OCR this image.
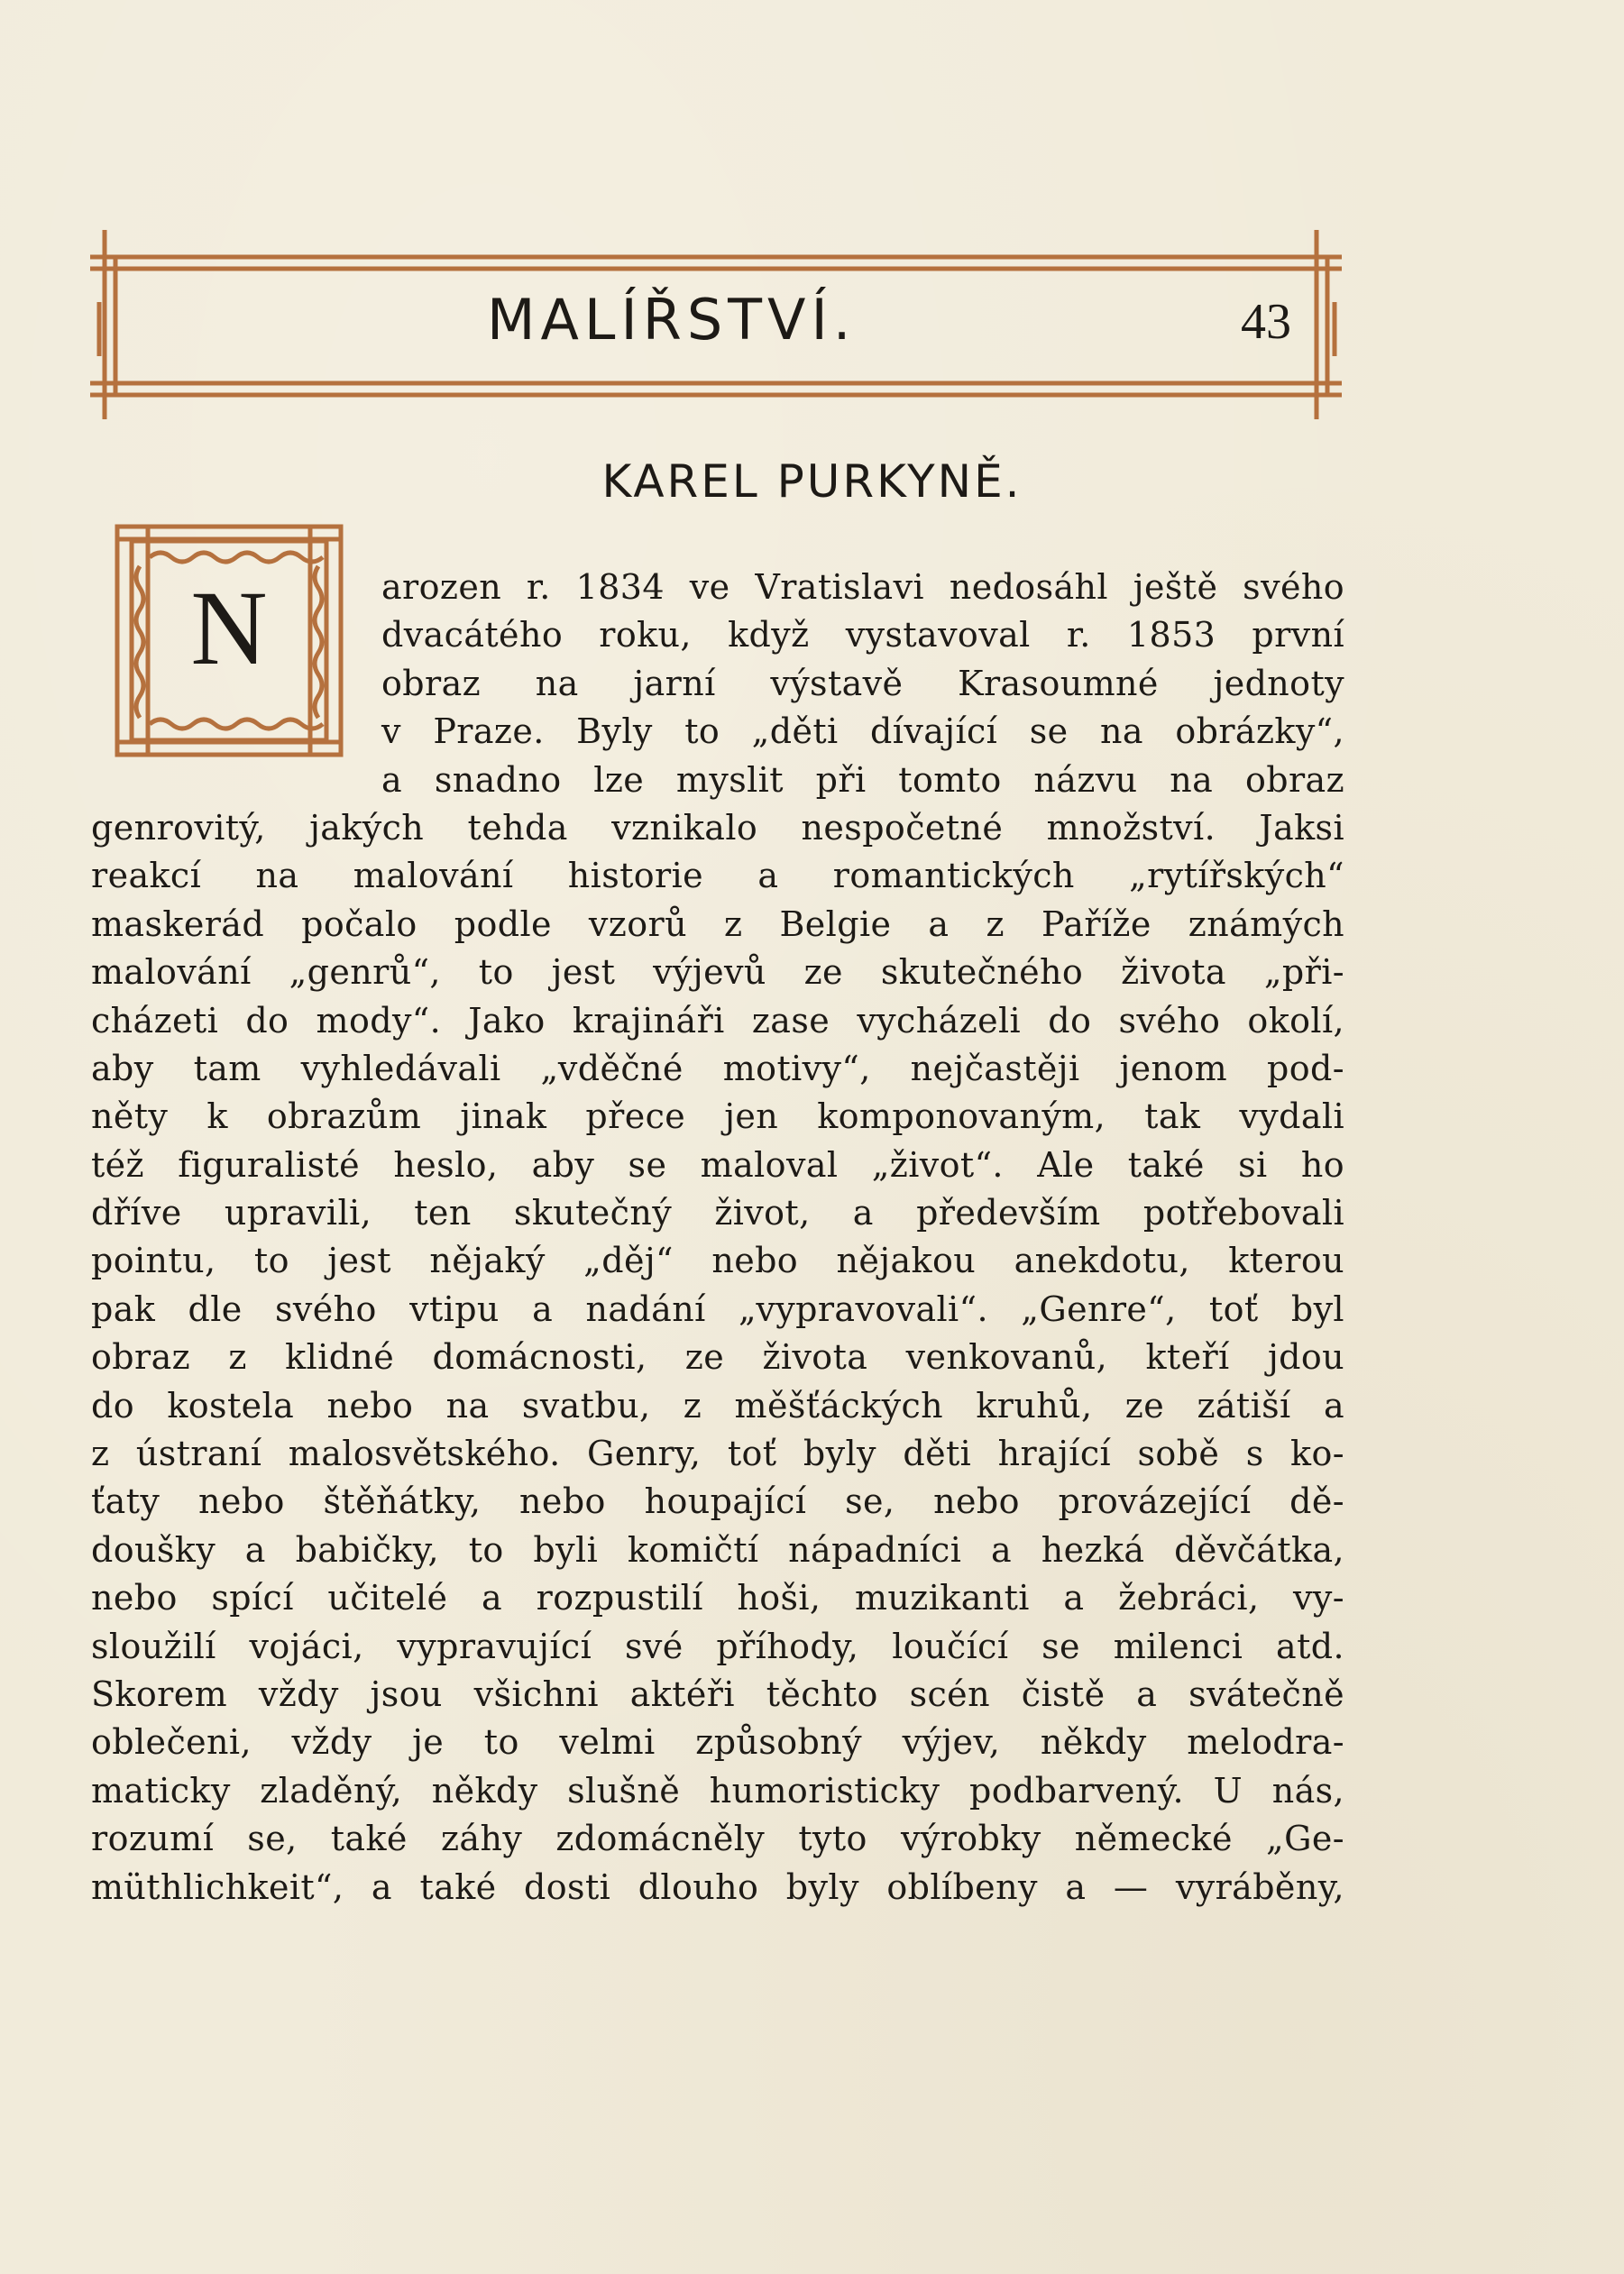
MALÍŘSTVÍ.	43
KAREL PURKYNĚ.
N	arozen r. 1834 ve Vratislavi nedosáhl ještě svého
dvacátého roku, když vystavoval r. 1853 první
obraz na jarní výstavě Krasoumné jednoty
v Praze. Byly to „děti dívající se na obrázky“,
a snadno lze myslit při tomto názvu na obraz
genrovitý, jakých tehda vznikalo nespočetné množství. Jaksi
reakcí na malování historie a romantických „rytířských“
maskerád počalo podle vzorů z Belgie a z Paříže známých
malování „genrů“, to jest výjevů ze skutečného života „při-
cházeti do mody“. Jako krajináři zase vycházeli do svého okolí,
aby tam vyhledávali „vděčné motivy“, nejčastěji jenom pod-
něty k obrazům jinak přece jen komponovaným, tak vydali
též figuralisté heslo, aby se maloval „život“. Ale také si ho
dříve upravili, ten skutečný život, a především potřebovali
pointu, to jest nějaký „děj“ nebo nějakou anekdotu, kterou
pak dle svého vtipu a nadání „vypravovali“. „Genre“, toť byl
obraz z klidné domácnosti, ze života venkovanů, kteří jdou
do kostela nebo na svatbu, z měšťáckých kruhů, ze zátiší a
z ústraní malosvětského. Genry, toť byly děti hrající sobě s ko-
ťaty nebo štěňátky, nebo houpající se, nebo provázející dě-
doušky a babičky, to byli komičtí nápadníci a hezká děvčátka,
nebo spící učitelé a rozpustilí hoši, muzikanti a žebráci, vy-
sloužilí vojáci, vypravující své příhody, loučící se milenci atd.
Skorem vždy jsou všichni aktéři těchto scén čistě a svátečně
oblečeni, vždy je to velmi způsobný výjev, někdy melodra-
maticky zladěný, někdy slušně humoristicky podbarvený. U nás,
rozumí se, také záhy zdomácněly tyto výrobky německé „Ge-
müthlichkeit“, a také dosti dlouho byly oblíbeny a — vyráběny,
